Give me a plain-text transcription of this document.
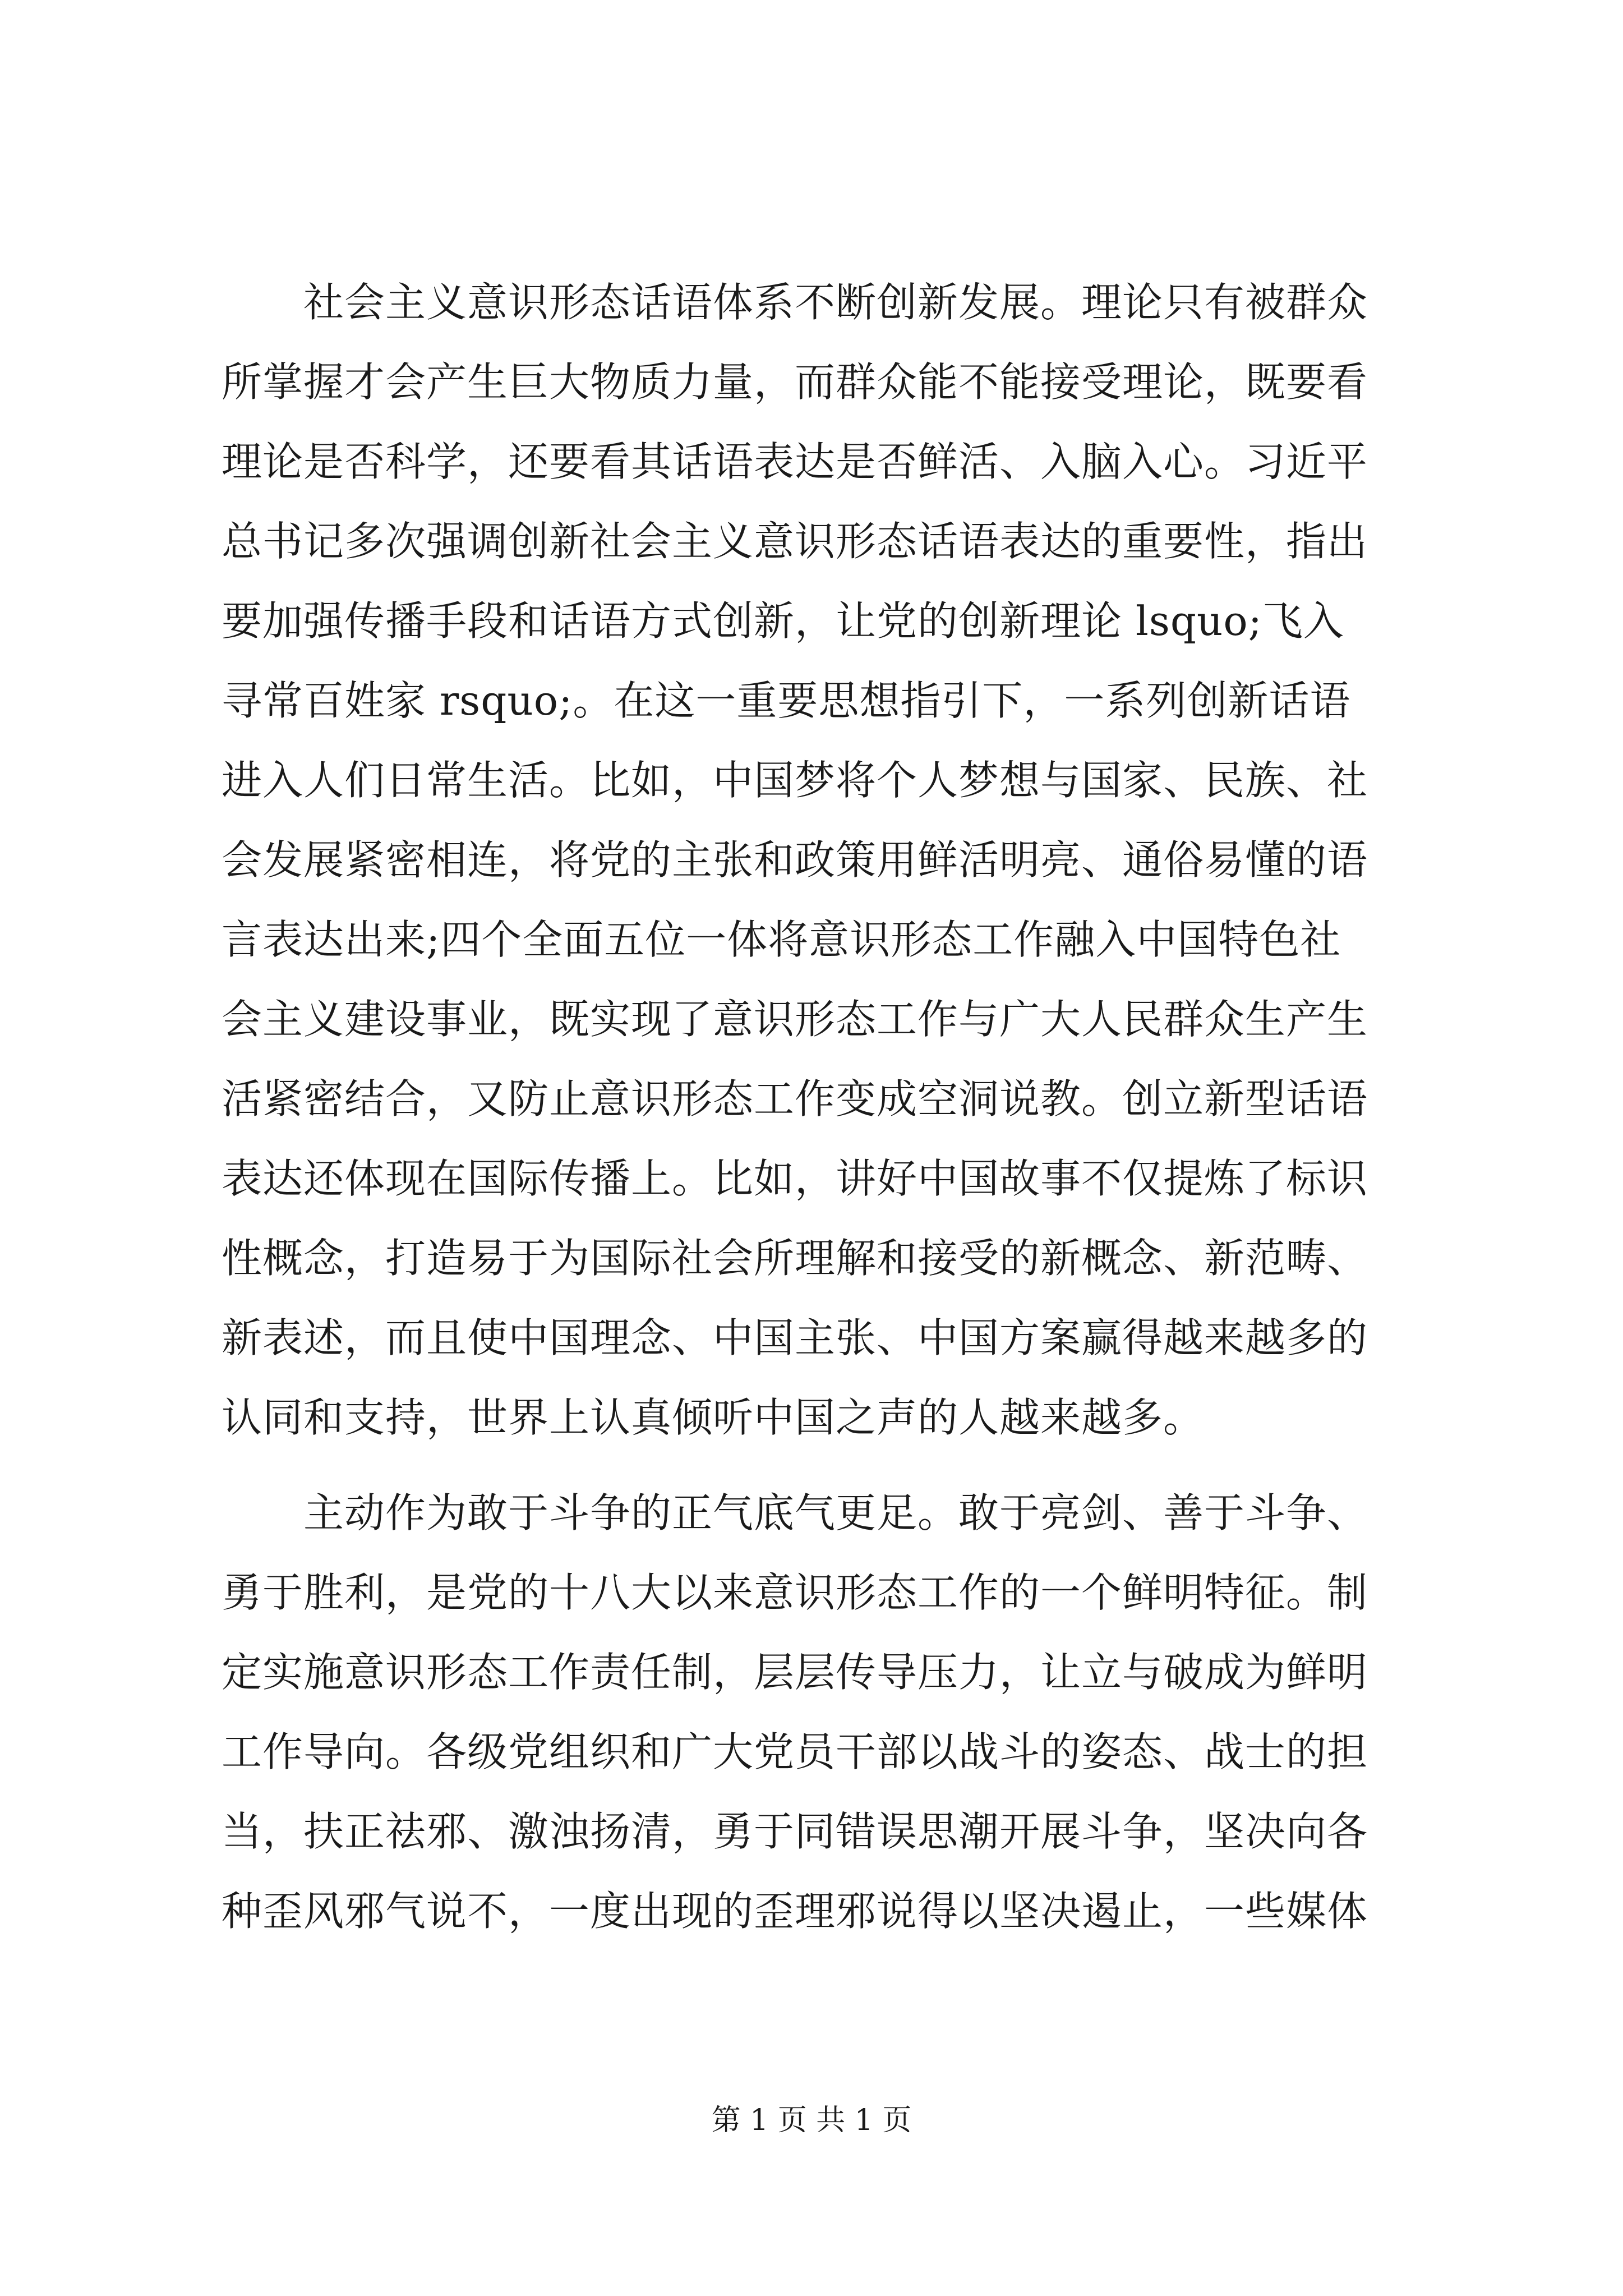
　　社会主义意识形态话语体系不断创新发展。理论只有被群众
所掌握才会产生巨大物质力量，而群众能不能接受理论，既要看
理论是否科学，还要看其话语表达是否鲜活、入脑入心。习近平
总书记多次强调创新社会主义意识形态话语表达的重要性，指出
要加强传播手段和话语方式创新，让党的创新理论 lsquo;飞入
寻常百姓家 rsquo;。在这一重要思想指引下，一系列创新话语
进入人们日常生活。比如，中国梦将个人梦想与国家、民族、社
会发展紧密相连，将党的主张和政策用鲜活明亮、通俗易懂的语
言表达出来;四个全面五位一体将意识形态工作融入中国特色社
会主义建设事业，既实现了意识形态工作与广大人民群众生产生
活紧密结合，又防止意识形态工作变成空洞说教。创立新型话语
表达还体现在国际传播上。比如，讲好中国故事不仅提炼了标识
性概念，打造易于为国际社会所理解和接受的新概念、新范畴、
新表述，而且使中国理念、中国主张、中国方案赢得越来越多的
认同和支持，世界上认真倾听中国之声的人越来越多。
　　主动作为敢于斗争的正气底气更足。敢于亮剑、善于斗争、
勇于胜利，是党的十八大以来意识形态工作的一个鲜明特征。制
定实施意识形态工作责任制，层层传导压力，让立与破成为鲜明
工作导向。各级党组织和广大党员干部以战斗的姿态、战士的担
当，扶正祛邪、激浊扬清，勇于同错误思潮开展斗争，坚决向各
种歪风邪气说不，一度出现的歪理邪说得以坚决遏止，一些媒体
第 1 页 共 1 页
